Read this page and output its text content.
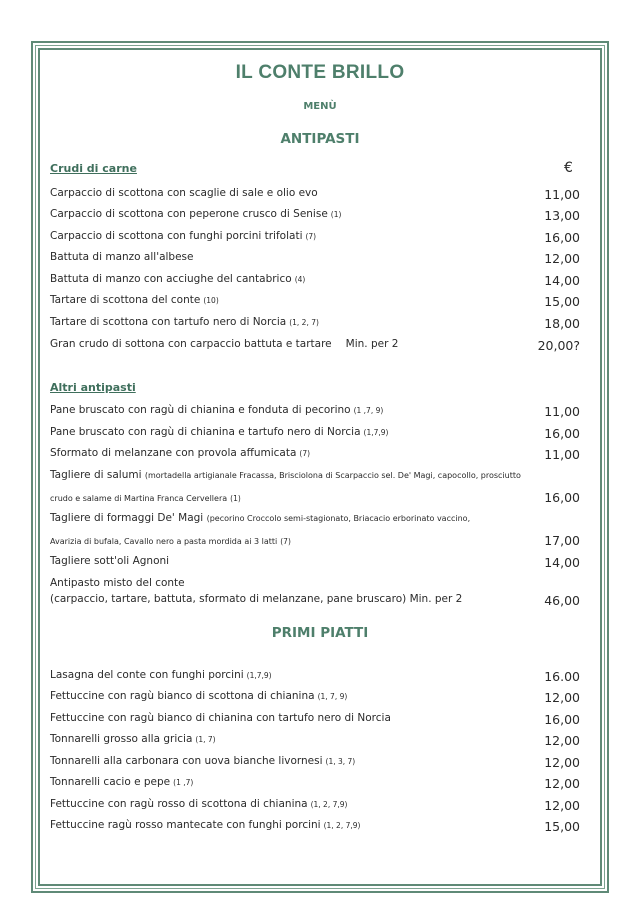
IL CONTE BRILLO
MENÙ
ANTIPASTI
Crudi di carne	€
Carpaccio di scottona con scaglie di sale e olio evo	11,00
Carpaccio di scottona con peperone crusco di Senise (1)	13,00
Carpaccio di scottona con funghi porcini trifolati (7)	16,00
Battuta di manzo all'albese	12,00
Battuta di manzo con acciughe del cantabrico (4)	14,00
Tartare di scottona del conte (10)	15,00
Tartare di scottona con tartufo nero di Norcia (1, 2, 7)	18,00
Gran crudo di sottona con carpaccio battuta e tartare Min. per 2	20,00?
Altri antipasti
Pane bruscato con ragù di chianina e fonduta di pecorino (1 ,7, 9)	11,00
Pane bruscato con ragù di chianina e tartufo nero di Norcia (1,7,9)	16,00
Sformato di melanzane con provola affumicata (7)	11,00
Tagliere di salumi (mortadella artigianale Fracassa, Brisciolona di Scarpaccio sel. De' Magi, capocollo, prosciutto
crudo e salame di Martina Franca Cervellera (1)	16,00
Tagliere di formaggi De' Magi (pecorino Croccolo semi-stagionato, Briacacio erborinato vaccino,
Avarizia di bufala, Cavallo nero a pasta mordida ai 3 latti (7)	17,00
Tagliere sott'oli Agnoni	14,00
Antipasto misto del conte
(carpaccio, tartare, battuta, sformato di melanzane, pane bruscaro) Min. per 2	46,00
PRIMI PIATTI
Lasagna del conte con funghi porcini (1,7,9)	16.00
Fettuccine con ragù bianco di scottona di chianina (1, 7, 9)	12,00
Fettuccine con ragù bianco di chianina con tartufo nero di Norcia	16,00
Tonnarelli grosso alla gricia (1, 7)	12,00
Tonnarelli alla carbonara con uova bianche livornesi (1, 3, 7)	12,00
Tonnarelli cacio e pepe (1 ,7)	12,00
Fettuccine con ragù rosso di scottona di chianina (1, 2, 7,9)	12,00
Fettuccine ragù rosso mantecate con funghi porcini (1, 2, 7,9)	15,00
